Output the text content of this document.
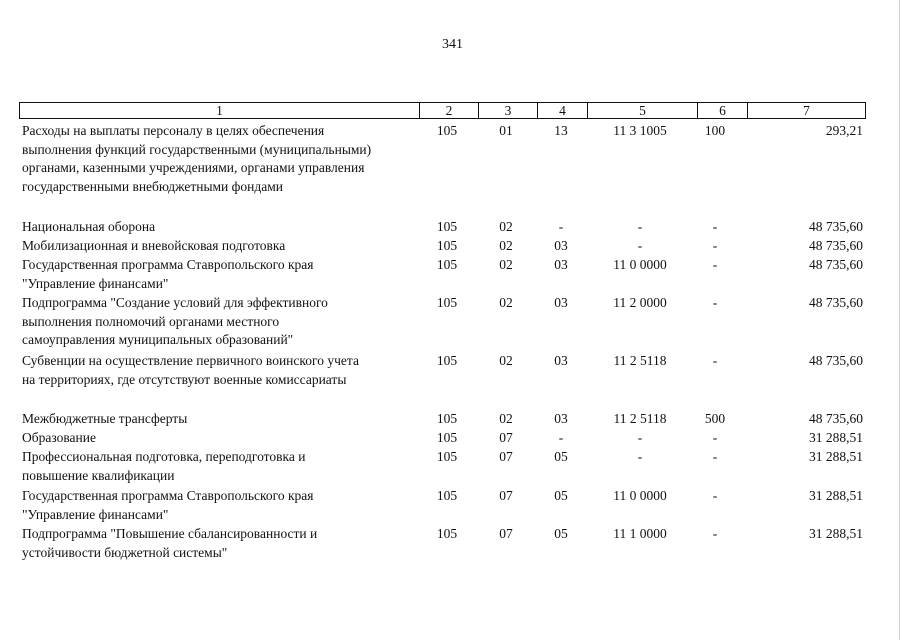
341
1	2	3	4	5	6	7
Расходы на выплаты персоналу в целях обеспечения
выполнения функций государственными (муниципальными)
органами, казенными учреждениями, органами управления
государственными внебюджетными фондами
105	01	13	11 3 1005	100	293,21
Национальная оборона	105	02	-	-	-	48 735,60
Мобилизационная и вневойсковая подготовка	105	02	03	-	-	48 735,60
Государственная программа Ставропольского края
"Управление финансами"
105	02	03	11 0 0000	-	48 735,60
Подпрограмма "Создание условий для эффективного
выполнения полномочий органами местного
самоуправления муниципальных образований"
105	02	03	11 2 0000	-	48 735,60
Субвенции на осуществление первичного воинского учета
на территориях, где отсутствуют военные комиссариаты
105	02	03	11 2 5118	-	48 735,60
Межбюджетные трансферты	105	02	03	11 2 5118	500	48 735,60
Образование	105	07	-	-	-	31 288,51
Профессиональная подготовка, переподготовка и
повышение квалификации
105	07	05	-	-	31 288,51
Государственная программа Ставропольского края
"Управление финансами"
105	07	05	11 0 0000	-	31 288,51
Подпрограмма "Повышение сбалансированности и
устойчивости бюджетной системы"
105	07	05	11 1 0000	-	31 288,51
